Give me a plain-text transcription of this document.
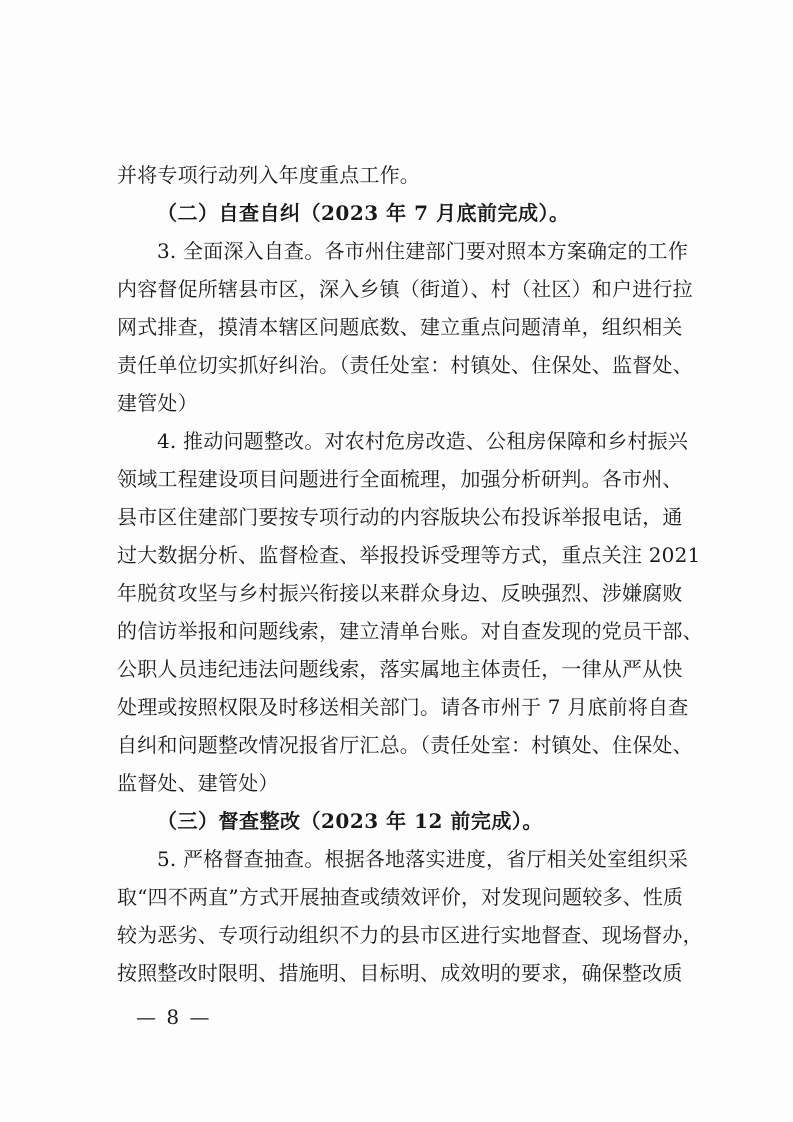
并将专项行动列入年度重点工作。
（二）自查自纠（2023 年 7 月底前完成）。
3. 全面深入自查。各市州住建部门要对照本方案确定的工作
内容督促所辖县市区，深入乡镇（街道）、村（社区）和户进行拉
网式排查，摸清本辖区问题底数、建立重点问题清单，组织相关
责任单位切实抓好纠治。（责任处室：村镇处、住保处、监督处、
建管处）
4. 推动问题整改。对农村危房改造、公租房保障和乡村振兴
领域工程建设项目问题进行全面梳理，加强分析研判。各市州、
县市区住建部门要按专项行动的内容版块公布投诉举报电话，通
过大数据分析、监督检查、举报投诉受理等方式，重点关注 2021
年脱贫攻坚与乡村振兴衔接以来群众身边、反映强烈、涉嫌腐败
的信访举报和问题线索，建立清单台账。对自查发现的党员干部、
公职人员违纪违法问题线索，落实属地主体责任，一律从严从快
处理或按照权限及时移送相关部门。请各市州于 7 月底前将自查
自纠和问题整改情况报省厅汇总。（责任处室：村镇处、住保处、
监督处、建管处）
（三）督查整改（2023 年 12 前完成）。
5. 严格督查抽查。根据各地落实进度，省厅相关处室组织采
取“四不两直”方式开展抽查或绩效评价，对发现问题较多、性质
较为恶劣、专项行动组织不力的县市区进行实地督查、现场督办，
按照整改时限明、措施明、目标明、成效明的要求，确保整改质
— 8 —
